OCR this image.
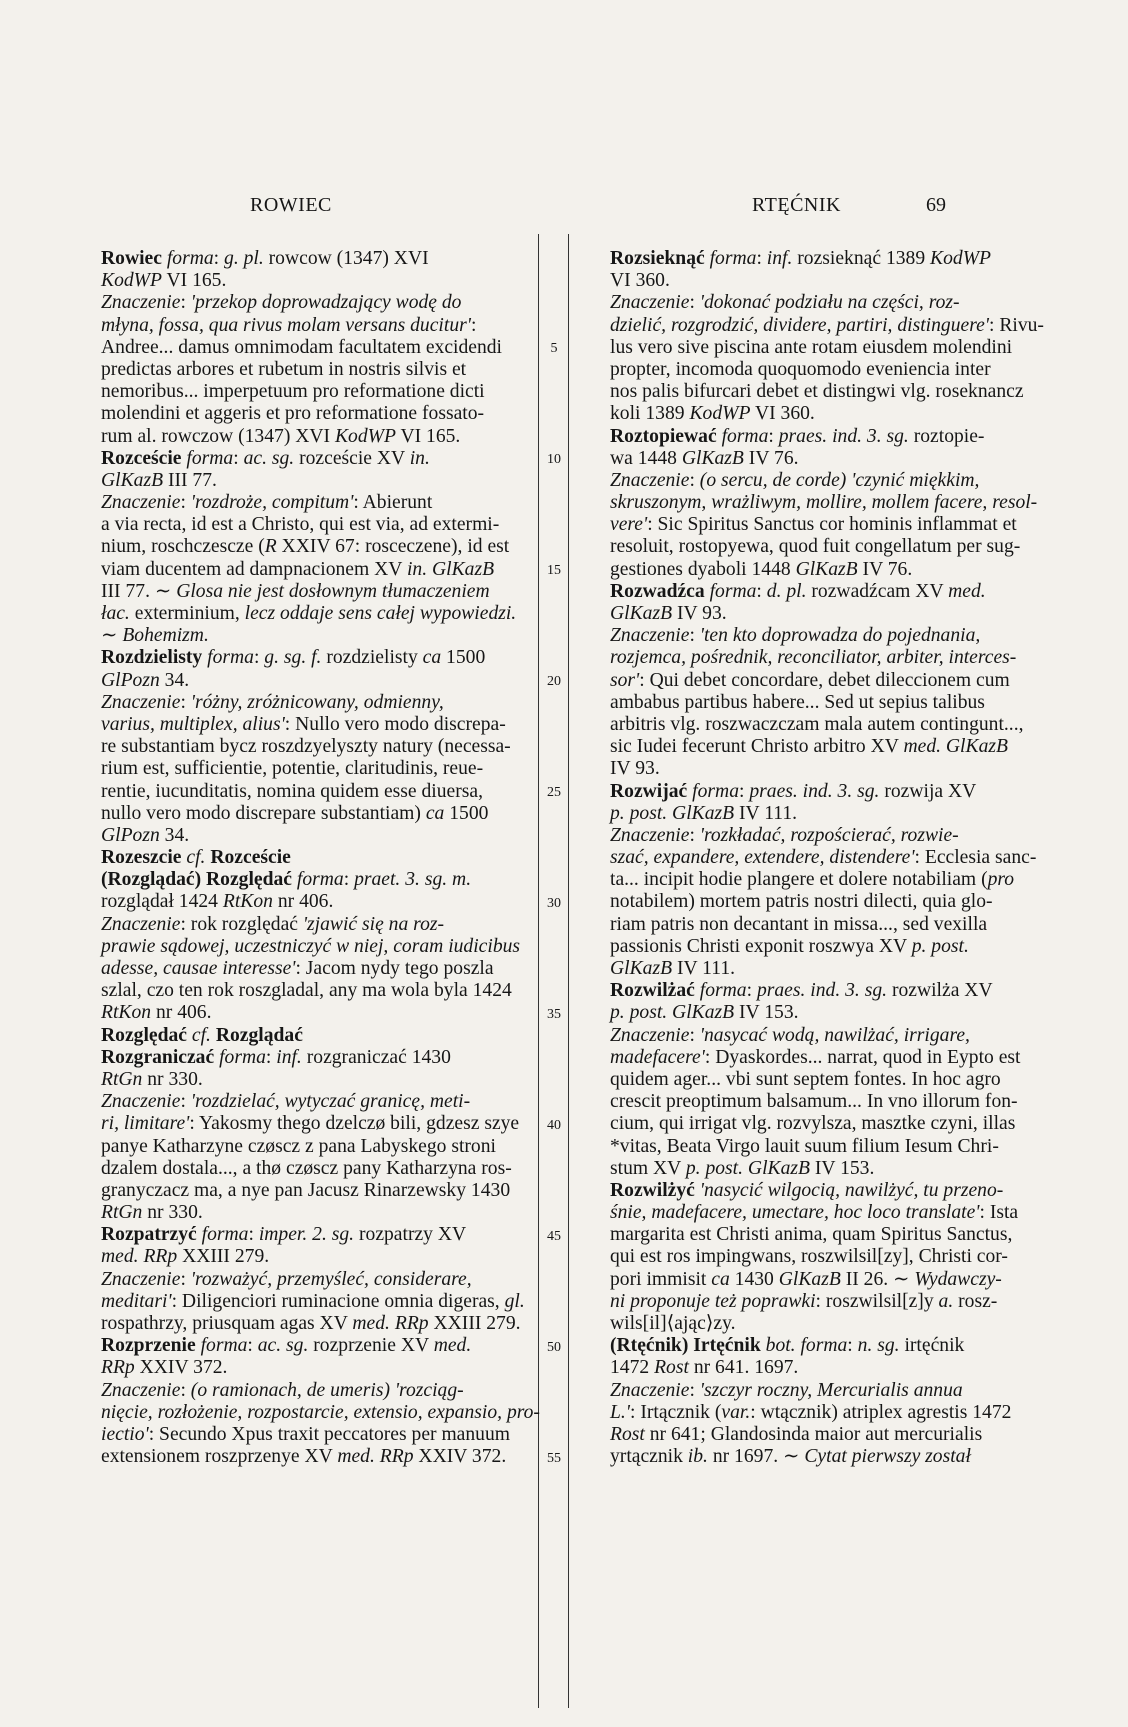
ROWIEC	RTĘĆNIK	69
Rowiec forma: g. pl. rowcow (1347) XVI
KodWP VI 165.
Znaczenie: 'przekop doprowadzający wodę do
młyna, fossa, qua rivus molam versans ducitur':
Andree... damus omnimodam facultatem excidendi
predictas arbores et rubetum in nostris silvis et
nemoribus... imperpetuum pro reformatione dicti
molendini et aggeris et pro reformatione fossato-
rum al. rowczow (1347) XVI KodWP VI 165.
Rozceście forma: ac. sg. rozceście XV in.
GlKazB III 77.
Znaczenie: 'rozdroże, compitum': Abierunt
a via recta, id est a Christo, qui est via, ad extermi-
nium, roschczescze (R XXIV 67: rosceczene), id est
viam ducentem ad dampnacionem XV in. GlKazB
III 77. ∼ Glosa nie jest dosłownym tłumaczeniem
łac. exterminium, lecz oddaje sens całej wypowiedzi.
∼ Bohemizm.
Rozdzielisty forma: g. sg. f. rozdzielisty ca 1500
GlPozn 34.
Znaczenie: 'różny, zróżnicowany, odmienny,
varius, multiplex, alius': Nullo vero modo discrepa-
re substantiam bycz roszdzyelyszty natury (necessa-
rium est, sufficientie, potentie, claritudinis, reue-
rentie, iucunditatis, nomina quidem esse diuersa,
nullo vero modo discrepare substantiam) ca 1500
GlPozn 34.
Rozeszcie cf. Rozceście
(Rozglądać) Rozględać forma: praet. 3. sg. m.
rozglądał 1424 RtKon nr 406.
Znaczenie: rok rozględać 'zjawić się na roz-
prawie sądowej, uczestniczyć w niej, coram iudicibus
adesse, causae interesse': Jacom nydy tego poszla
szlal, czo ten rok roszgladal, any ma wola byla 1424
RtKon nr 406.
Rozględać cf. Rozglądać
Rozgraniczać forma: inf. rozgraniczać 1430
RtGn nr 330.
Znaczenie: 'rozdzielać, wytyczać granicę, meti-
ri, limitare': Yakosmy thego dzelczø bili, gdzesz szye
panye Katharzyne czøscz z pana Labyskego stroni
dzalem dostala..., a thø czøscz pany Katharzyna ros-
granyczacz ma, a nye pan Jacusz Rinarzewsky 1430
RtGn nr 330.
Rozpatrzyć forma: imper. 2. sg. rozpatrzy XV
med. RRp XXIII 279.
Znaczenie: 'rozważyć, przemyśleć, considerare,
meditari': Diligenciori ruminacione omnia digeras, gl.
rospathrzy, priusquam agas XV med. RRp XXIII 279.
Rozprzenie forma: ac. sg. rozprzenie XV med.
RRp XXIV 372.
Znaczenie: (o ramionach, de umeris) 'rozciąg-
nięcie, rozłożenie, rozpostarcie, extensio, expansio, pro-
iectio': Secundo Xpus traxit peccatores per manuum
extensionem roszprzenye XV med. RRp XXIV 372.
5
10
15
20
25
30
35
40
45
50
55
Rozsieknąć forma: inf. rozsieknąć 1389 KodWP
VI 360.
Znaczenie: 'dokonać podziału na części, roz-
dzielić, rozgrodzić, dividere, partiri, distinguere': Rivu-
lus vero sive piscina ante rotam eiusdem molendini
propter, incomoda quoquomodo eveniencia inter
nos palis bifurcari debet et distingwi vlg. roseknancz
koli 1389 KodWP VI 360.
Roztopiewać forma: praes. ind. 3. sg. roztopie-
wa 1448 GlKazB IV 76.
Znaczenie: (o sercu, de corde) 'czynić miękkim,
skruszonym, wrażliwym, mollire, mollem facere, resol-
vere': Sic Spiritus Sanctus cor hominis inflammat et
resoluit, rostopyewa, quod fuit congellatum per sug-
gestiones dyaboli 1448 GlKazB IV 76.
Rozwadźca forma: d. pl. rozwadźcam XV med.
GlKazB IV 93.
Znaczenie: 'ten kto doprowadza do pojednania,
rozjemca, pośrednik, reconciliator, arbiter, interces-
sor': Qui debet concordare, debet dileccionem cum
ambabus partibus habere... Sed ut sepius talibus
arbitris vlg. roszwaczczam mala autem contingunt...,
sic Iudei fecerunt Christo arbitro XV med. GlKazB
IV 93.
Rozwijać forma: praes. ind. 3. sg. rozwija XV
p. post. GlKazB IV 111.
Znaczenie: 'rozkładać, rozpościerać, rozwie-
szać, expandere, extendere, distendere': Ecclesia sanc-
ta... incipit hodie plangere et dolere notabiliam (pro
notabilem) mortem patris nostri dilecti, quia glo-
riam patris non decantant in missa..., sed vexilla
passionis Christi exponit roszwya XV p. post.
GlKazB IV 111.
Rozwilżać forma: praes. ind. 3. sg. rozwilża XV
p. post. GlKazB IV 153.
Znaczenie: 'nasycać wodą, nawilżać, irrigare,
madefacere': Dyaskordes... narrat, quod in Eypto est
quidem ager... vbi sunt septem fontes. In hoc agro
crescit preoptimum balsamum... In vno illorum fon-
cium, qui irrigat vlg. rozvylsza, masztke czyni, illas
*vitas, Beata Virgo lauit suum filium Iesum Chri-
stum XV p. post. GlKazB IV 153.
Rozwilżyć 'nasycić wilgocią, nawilżyć, tu przeno-
śnie, madefacere, umectare, hoc loco translate': Ista
margarita est Christi anima, quam Spiritus Sanctus,
qui est ros impingwans, roszwilsil[zy], Christi cor-
pori immisit ca 1430 GlKazB II 26. ∼ Wydawczy-
ni proponuje też poprawki: roszwilsil[z]y a. rosz-
wils[il]⟨ając⟩zy.
(Rtęćnik) Irtęćnik bot. forma: n. sg. irtęćnik
1472 Rost nr 641. 1697.
Znaczenie: 'szczyr roczny, Mercurialis annua
L.': Irtącznik (var.: wtącznik) atriplex agrestis 1472
Rost nr 641; Glandosinda maior aut mercurialis
yrtącznik ib. nr 1697. ∼ Cytat pierwszy został
